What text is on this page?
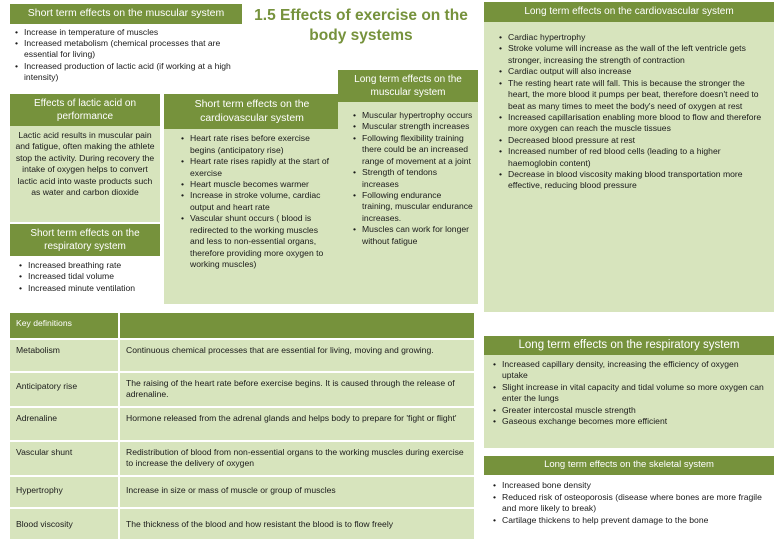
1.5 Effects of exercise on the body systems
Short term effects on the muscular system
• Increase in temperature of muscles
• Increased metabolism (chemical processes that are essential for living)
• Increased production of lactic acid (if working at a high intensity)
Effects of lactic acid on performance
Lactic acid results in muscular pain and fatigue, often making the athlete stop the activity. During recovery the intake of oxygen helps to convert lactic acid into waste products such as water and carbon dioxide
Short term effects on the respiratory system
• Increased breathing rate
• Increased tidal volume
• Increased minute ventilation
Short term effects on the cardiovascular system
• Heart rate rises before exercise begins (anticipatory rise)
• Heart rate rises rapidly at the start of exercise
• Heart muscle becomes warmer
• Increase in stroke volume, cardiac output and heart rate
• Vascular shunt occurs ( blood is redirected to the working muscles and less to non-essential organs, therefore providing more oxygen to working muscles)
Long term effects on the muscular system
• Muscular hypertrophy occurs
• Muscular strength increases
• Following flexibility training there could be an increased range of movement at a joint
• Strength of tendons increases
• Following endurance training, muscular endurance increases.
• Muscles can work for longer without fatigue
Long term effects on the cardiovascular system
• Cardiac hypertrophy
• Stroke volume will increase as the wall of the left ventricle gets stronger, increasing the strength of contraction
• Cardiac output will also increase
• The resting heart rate will fall. This is because the stronger the heart, the more blood it pumps per beat, therefore doesn't need to beat as many times to meet the body's need of oxygen at rest
• Increased capillarisation enabling more blood to flow and therefore more oxygen can reach the muscle tissues
• Decreased blood pressure at rest
• Increased number of red blood cells (leading to a higher haemoglobin content)
• Decrease in blood viscosity making blood transportation more effective, reducing blood pressure
Key definitions
Metabolism	Continuous chemical processes that are essential for living, moving and growing.
Anticipatory rise	The raising of the heart rate before exercise begins. It is caused through the release of adrenaline.
Adrenaline	Hormone released from the adrenal glands and helps body to prepare for 'fight or flight'
Vascular shunt	Redistribution of blood from non-essential organs to the working muscles during exercise to increase the delivery of oxygen
Hypertrophy	Increase in size or mass of muscle or group of muscles
Blood viscosity	The thickness of the blood and how resistant the blood is to flow freely
Long term effects on the respiratory system
• Increased capillary density, increasing the efficiency of oxygen uptake
• Slight increase in vital capacity and tidal volume so more oxygen can enter the lungs
• Greater intercostal muscle strength
• Gaseous exchange becomes more efficient
Long term effects on the skeletal system
• Increased bone density
• Reduced risk of osteoporosis (disease where bones are more fragile and more likely to break)
• Cartilage thickens to help prevent damage to the bone
